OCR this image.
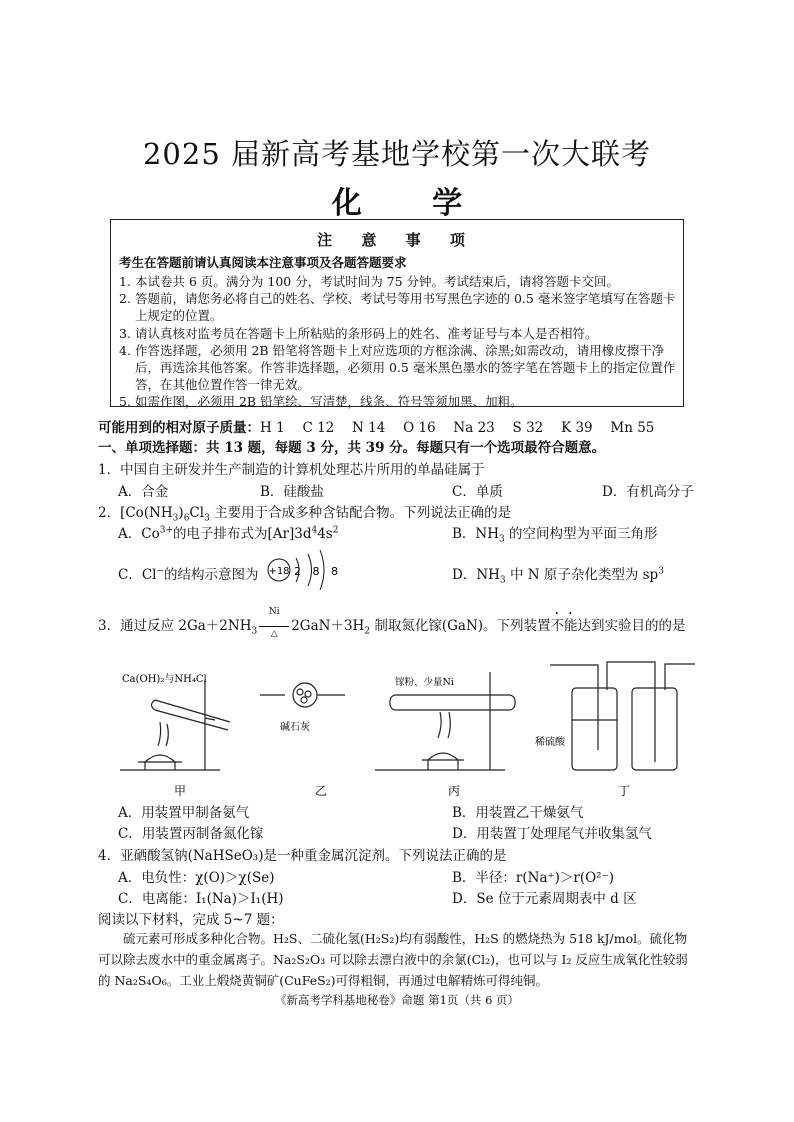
2025 届新高考基地学校第一次大联考
化 学
注 意 事 项
考生在答题前请认真阅读本注意事项及各题答题要求
1. 本试卷共 6 页。满分为 100 分，考试时间为 75 分钟。考试结束后，请将答题卡交回。
2. 答题前，请您务必将自己的姓名、学校、考试号等用书写黑色字迹的 0.5 毫米签字笔填写在答题卡上规定的位置。
3. 请认真核对监考员在答题卡上所粘贴的条形码上的姓名、准考证号与本人是否相符。
4. 作答选择题，必须用 2B 铅笔将答题卡上对应选项的方框涂满、涂黑;如需改动，请用橡皮擦干净后，再选涂其他答案。作答非选择题，必须用 0.5 毫米黑色墨水的签字笔在答题卡上的指定位置作答，在其他位置作答一律无效。
5. 如需作图，必须用 2B 铅笔绘、写清楚，线条、符号等须加黑、加粗。
可能用到的相对原子质量：H 1　 C 12　 N 14　 O 16　 Na 23　 S 32　 K 39　 Mn 55
一、单项选择题：共 13 题，每题 3 分，共 39 分。每题只有一个选项最符合题意。
1．中国自主研发并生产制造的计算机处理芯片所用的单晶硅属于
A．合金	B．硅酸盐	C．单质	D．有机高分子
2．[$Co(NH_3)_6Cl_3$ 主要用于合成多种含钴配合物。下列说法正确的是
A．$Co^{3+}$的电子排布式为$[Ar]3d^44s^2$	B．$NH_3$ 的空间构型为平面三角形
C．Cl−的结构示意图为 +18 2 8 8	D．$NH_3$ 中 N 原子杂化类型为 $sp^3$
3．通过反应 $2Ga+2NH_3$
Ni
△	$2GaN+3H_2$ 制取氮化镓(GaN)。下列装置不能达到实验目的的是
Ca(OH)₂与NH₄Cl
碱石灰
镓粉、少量Ni
稀硫酸
甲	乙	丙	丁
A．用装置甲制备氨气	B．用装置乙干燥氨气
C．用装置丙制备氮化镓	D．用装置丁处理尾气并收集氢气
4．亚硒酸氢钠(NaHSeO₃)是一种重金属沉淀剂。下列说法正确的是
A．电负性：χ(O)＞χ(Se)	B．半径：r(Na⁺)＞r(O²⁻)
C．电离能：I₁(Na)＞I₁(H)	D．Se 位于元素周期表中 d 区
阅读以下材料，完成 5~7 题：
硫元素可形成多种化合物。H₂S、二硫化氢(H₂S₂)均有弱酸性，H₂S 的燃烧热为 518 kJ/mol。硫化物可以除去废水中的重金属离子。Na₂S₂O₃ 可以除去漂白液中的余氯(Cl₂)，也可以与 I₂ 反应生成氧化性较弱的 Na₂S₄O₆。工业上煅烧黄铜矿(CuFeS₂)可得粗铜，再通过电解精炼可得纯铜。
《新高考学科基地秘卷》命题 第1页（共 6 页）
